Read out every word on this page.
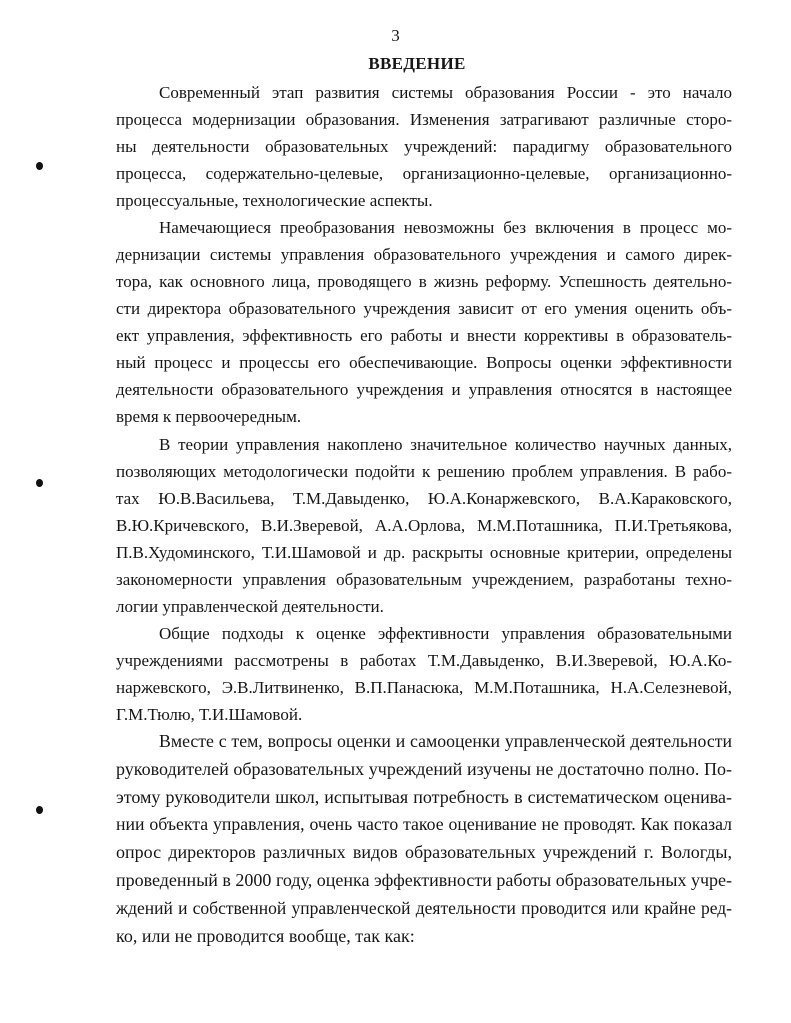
3
ВВЕДЕНИЕ
Современный этап развития системы образования России - это начало
процесса модернизации образования. Изменения затрагивают различные сторо-
ны деятельности образовательных учреждений: парадигму образовательного
процесса, содержательно-целевые, организационно-целевые, организационно-
процессуальные, технологические аспекты.
Намечающиеся преобразования невозможны без включения в процесс мо-
дернизации системы управления образовательного учреждения и самого дирек-
тора, как основного лица, проводящего в жизнь реформу. Успешность деятельно-
сти директора образовательного учреждения зависит от его умения оценить объ-
ект управления, эффективность его работы и внести коррективы в образователь-
ный процесс и процессы его обеспечивающие. Вопросы оценки эффективности
деятельности образовательного учреждения и управления относятся в настоящее
время к первоочередным.
В теории управления накоплено значительное количество научных данных,
позволяющих методологически подойти к решению проблем управления. В рабо-
тах Ю.В.Васильева, Т.М.Давыденко, Ю.А.Конаржевского, В.А.Караковского,
В.Ю.Кричевского, В.И.Зверевой, А.А.Орлова, М.М.Поташника, П.И.Третьякова,
П.В.Худоминского, Т.И.Шамовой и др. раскрыты основные критерии, определены
закономерности управления образовательным учреждением, разработаны техно-
логии управленческой деятельности.
Общие подходы к оценке эффективности управления образовательными
учреждениями рассмотрены в работах Т.М.Давыденко, В.И.Зверевой, Ю.А.Ко-
наржевского, Э.В.Литвиненко, В.П.Панасюка, М.М.Поташника, Н.А.Селезневой,
Г.М.Тюлю, Т.И.Шамовой.
Вместе с тем, вопросы оценки и самооценки управленческой деятельности
руководителей образовательных учреждений изучены не достаточно полно. По-
этому руководители школ, испытывая потребность в систематическом оценива-
нии объекта управления, очень часто такое оценивание не проводят. Как показал
опрос директоров различных видов образовательных учреждений г. Вологды,
проведенный в 2000 году, оценка эффективности работы образовательных учре-
ждений и собственной управленческой деятельности проводится или крайне ред-
ко, или не проводится вообще, так как:
